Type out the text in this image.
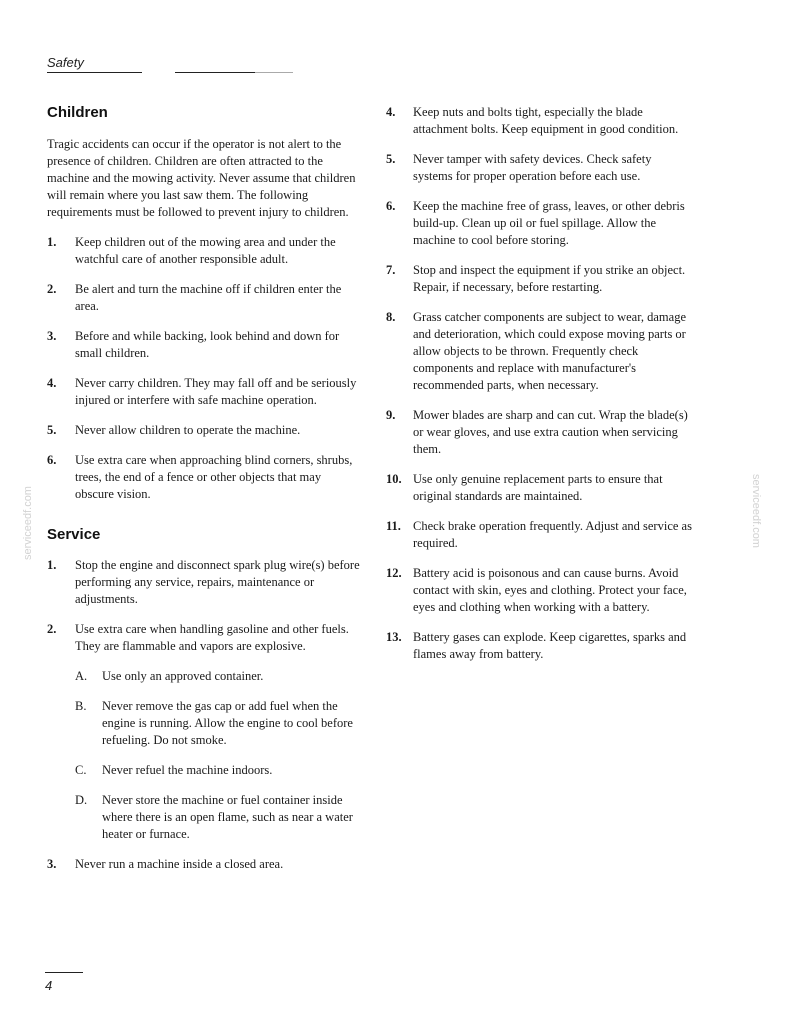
Safety
serviceedf.com	serviceedf.com
Children

Tragic accidents can occur if the operator is not alert to the presence of children. Children are often attracted to the machine and the mowing activity. Never assume that children will remain where you last saw them. The following requirements must be followed to prevent injury to children.

1. Keep children out of the mowing area and under the watchful care of another responsible adult.
2. Be alert and turn the machine off if children enter the area.
3. Before and while backing, look behind and down for small children.
4. Never carry children. They may fall off and be seriously injured or interfere with safe machine operation.
5. Never allow children to operate the machine.
6. Use extra care when approaching blind corners, shrubs, trees, the end of a fence or other objects that may obscure vision.
Service
1. Stop the engine and disconnect spark plug wire(s) before performing any service, repairs, maintenance or adjustments.
2. Use extra care when handling gasoline and other fuels. They are flammable and vapors are explosive.
A. Use only an approved container.
B. Never remove the gas cap or add fuel when the engine is running. Allow the engine to cool before refueling. Do not smoke.
C. Never refuel the machine indoors.
D. Never store the machine or fuel container inside where there is an open flame, such as near a water heater or furnace.
3. Never run a machine inside a closed area.
4. Keep nuts and bolts tight, especially the blade attachment bolts. Keep equipment in good condition.
5. Never tamper with safety devices. Check safety systems for proper operation before each use.
6. Keep the machine free of grass, leaves, or other debris build-up. Clean up oil or fuel spillage. Allow the machine to cool before storing.
7. Stop and inspect the equipment if you strike an object. Repair, if necessary, before restarting.
8. Grass catcher components are subject to wear, damage and deterioration, which could expose moving parts or allow objects to be thrown. Frequently check components and replace with manufacturer's recommended parts, when necessary.
9. Mower blades are sharp and can cut. Wrap the blade(s) or wear gloves, and use extra caution when servicing them.
10. Use only genuine replacement parts to ensure that original standards are maintained.
11. Check brake operation frequently. Adjust and service as required.
12. Battery acid is poisonous and can cause burns. Avoid contact with skin, eyes and clothing. Protect your face, eyes and clothing when working with a battery.
13. Battery gases can explode. Keep cigarettes, sparks and flames away from battery.
4
